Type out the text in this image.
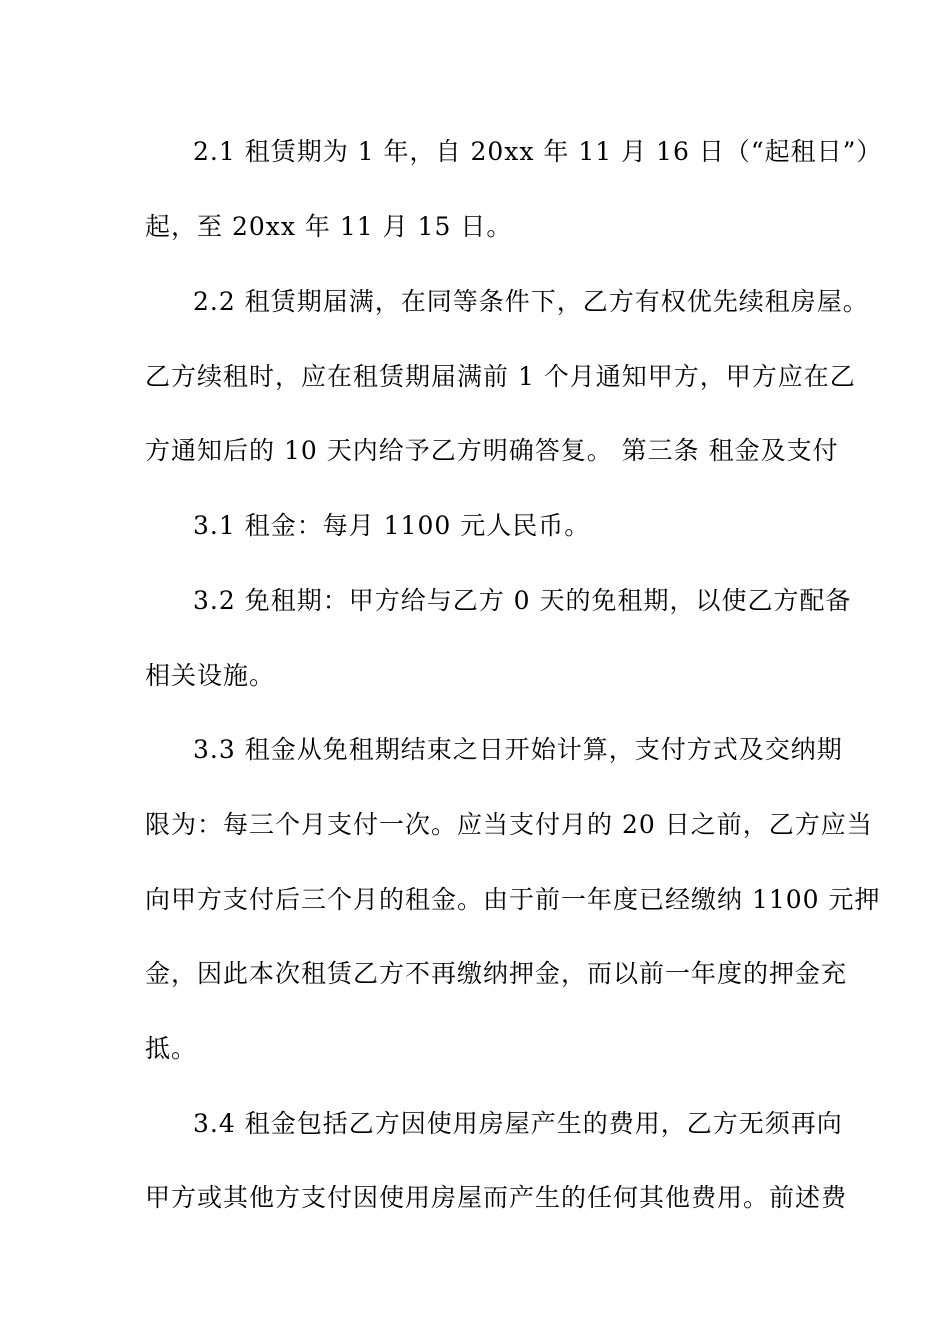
2.1 租赁期为 1 年，自 20xx 年 11 月 16 日（“起租日”）
起，至 20xx 年 11 月 15 日。
2.2 租赁期届满，在同等条件下，乙方有权优先续租房屋。
乙方续租时，应在租赁期届满前 1 个月通知甲方，甲方应在乙
方通知后的 10 天内给予乙方明确答复。 第三条 租金及支付
3.1 租金：每月 1100 元人民币。
3.2 免租期：甲方给与乙方 0 天的免租期，以使乙方配备
相关设施。
3.3 租金从免租期结束之日开始计算，支付方式及交纳期
限为：每三个月支付一次。应当支付月的 20 日之前，乙方应当
向甲方支付后三个月的租金。由于前一年度已经缴纳 1100 元押
金，因此本次租赁乙方不再缴纳押金，而以前一年度的押金充
抵。
3.4 租金包括乙方因使用房屋产生的费用，乙方无须再向
甲方或其他方支付因使用房屋而产生的任何其他费用。前述费
